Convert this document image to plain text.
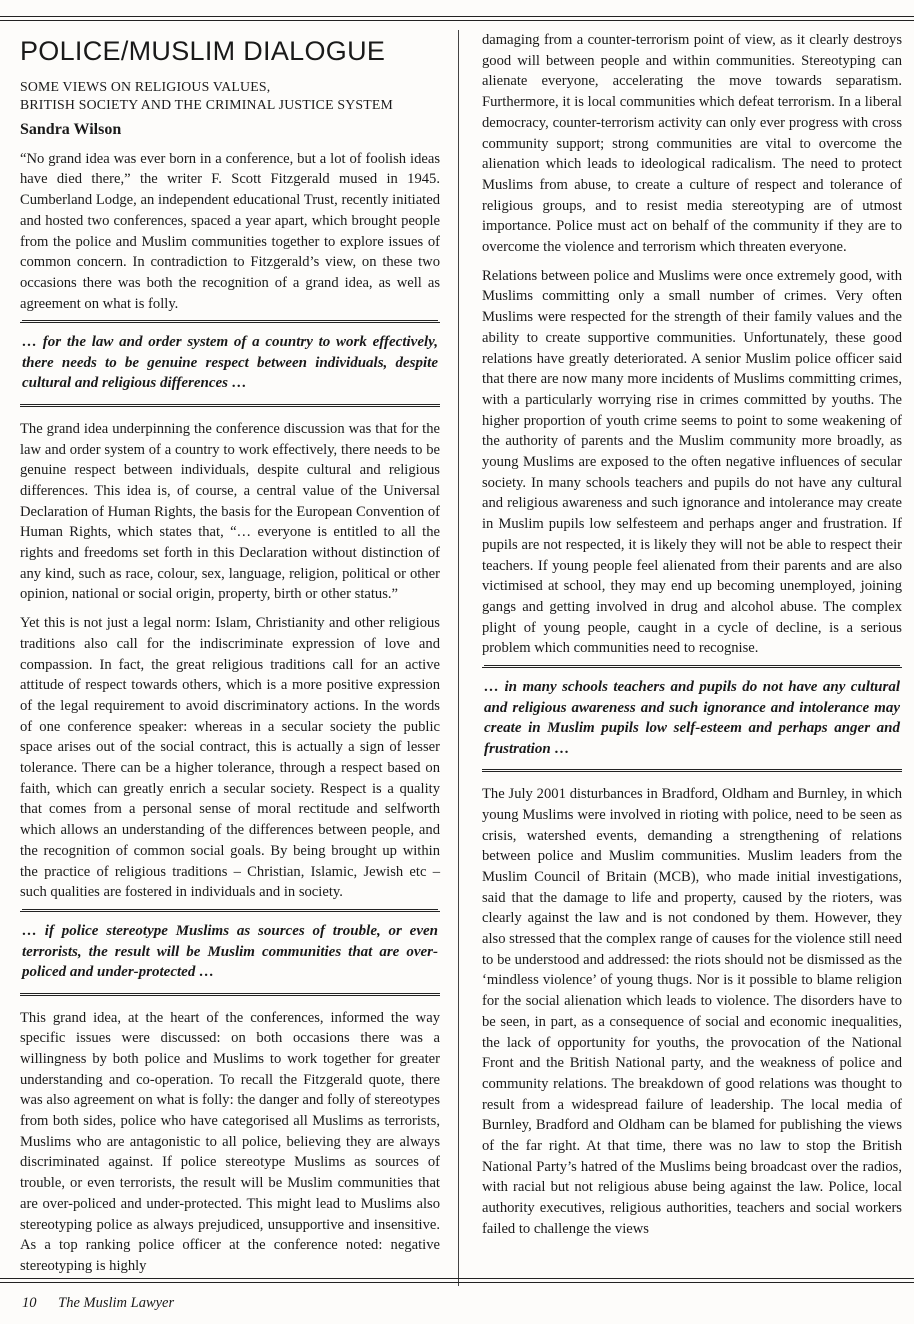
POLICE/MUSLIM DIALOGUE

SOME VIEWS ON RELIGIOUS VALUES,

BRITISH SOCIETY AND THE CRIMINAL JUSTICE SYSTEM

Sandra Wilson

“No grand idea was ever born in a conference, but a lot of foolish ideas have died there,” the writer F. Scott Fitzgerald mused in 1945. Cumberland Lodge, an independent educational Trust, recently initiated and hosted two conferences, spaced a year apart, which brought people from the police and Muslim communities together to explore issues of common concern. In contradiction to Fitzgerald’s view, on these two occasions there was both the recognition of a grand idea, as well as agreement on what is folly.

… for the law and order system of a country to work effectively, there needs to be genuine respect between individuals, despite cultural and religious differences …

The grand idea underpinning the conference discussion was that for the law and order system of a country to work effectively, there needs to be genuine respect between individuals, despite cultural and religious differences. This idea is, of course, a central value of the Universal Declaration of Human Rights, the basis for the European Convention of Human Rights, which states that, “… everyone is entitled to all the rights and freedoms set forth in this Declaration without distinction of any kind, such as race, colour, sex, language, religion, political or other opinion, national or social origin, property, birth or other status.”

Yet this is not just a legal norm: Islam, Christianity and other religious traditions also call for the indiscriminate expression of love and compassion. In fact, the great religious traditions call for an active attitude of respect towards others, which is a more positive expression of the legal requirement to avoid discriminatory actions. In the words of one conference speaker: whereas in a secular society the public space arises out of the social contract, this is actually a sign of lesser tolerance. There can be a higher tolerance, through a respect based on faith, which can greatly enrich a secular society. Respect is a quality that comes from a personal sense of moral rectitude and selfworth which allows an understanding of the differences between people, and the recognition of common social goals. By being brought up within the practice of religious traditions – Christian, Islamic, Jewish etc – such qualities are fostered in individuals and in society.

… if police stereotype Muslims as sources of trouble, or even terrorists, the result will be Muslim communities that are over-policed and under-protected …

This grand idea, at the heart of the conferences, informed the way specific issues were discussed: on both occasions there was a willingness by both police and Muslims to work together for greater understanding and co-operation. To recall the Fitzgerald quote, there was also agreement on what is folly: the danger and folly of stereotypes from both sides, police who have categorised all Muslims as terrorists, Muslims who are antagonistic to all police, believing they are always discriminated against. If police stereotype Muslims as sources of trouble, or even terrorists, the result will be Muslim communities that are over-policed and under-protected. This might lead to Muslims also stereotyping police as always prejudiced, unsupportive and insensitive. As a top ranking police officer at the conference noted: negative stereotyping is highly

damaging from a counter-terrorism point of view, as it clearly destroys good will between people and within communities. Stereotyping can alienate everyone, accelerating the move towards separatism. Furthermore, it is local communities which defeat terrorism. In a liberal democracy, counter-terrorism activity can only ever progress with cross community support; strong communities are vital to overcome the alienation which leads to ideological radicalism. The need to protect Muslims from abuse, to create a culture of respect and tolerance of religious groups, and to resist media stereotyping are of utmost importance. Police must act on behalf of the community if they are to overcome the violence and terrorism which threaten everyone.

Relations between police and Muslims were once extremely good, with Muslims committing only a small number of crimes. Very often Muslims were respected for the strength of their family values and the ability to create supportive communities. Unfortunately, these good relations have greatly deteriorated. A senior Muslim police officer said that there are now many more incidents of Muslims committing crimes, with a particularly worrying rise in crimes committed by youths. The higher proportion of youth crime seems to point to some weakening of the authority of parents and the Muslim community more broadly, as young Muslims are exposed to the often negative influences of secular society. In many schools teachers and pupils do not have any cultural and religious awareness and such ignorance and intolerance may create in Muslim pupils low selfesteem and perhaps anger and frustration. If pupils are not respected, it is likely they will not be able to respect their teachers. If young people feel alienated from their parents and are also victimised at school, they may end up becoming unemployed, joining gangs and getting involved in drug and alcohol abuse. The complex plight of young people, caught in a cycle of decline, is a serious problem which communities need to recognise.

… in many schools teachers and pupils do not have any cultural and religious awareness and such ignorance and intolerance may create in Muslim pupils low self-esteem and perhaps anger and frustration …

The July 2001 disturbances in Bradford, Oldham and Burnley, in which young Muslims were involved in rioting with police, need to be seen as crisis, watershed events, demanding a strengthening of relations between police and Muslim communities. Muslim leaders from the Muslim Council of Britain (MCB), who made initial investigations, said that the damage to life and property, caused by the rioters, was clearly against the law and is not condoned by them. However, they also stressed that the complex range of causes for the violence still need to be understood and addressed: the riots should not be dismissed as the ‘mindless violence’ of young thugs. Nor is it possible to blame religion for the social alienation which leads to violence. The disorders have to be seen, in part, as a consequence of social and economic inequalities, the lack of opportunity for youths, the provocation of the National Front and the British National party, and the weakness of police and community relations. The breakdown of good relations was thought to result from a widespread failure of leadership. The local media of Burnley, Bradford and Oldham can be blamed for publishing the views of the far right. At that time, there was no law to stop the British National Party’s hatred of the Muslims being broadcast over the radios, with racial but not religious abuse being against the law. Police, local authority executives, religious authorities, teachers and social workers failed to challenge the views

10 The Muslim Lawyer
